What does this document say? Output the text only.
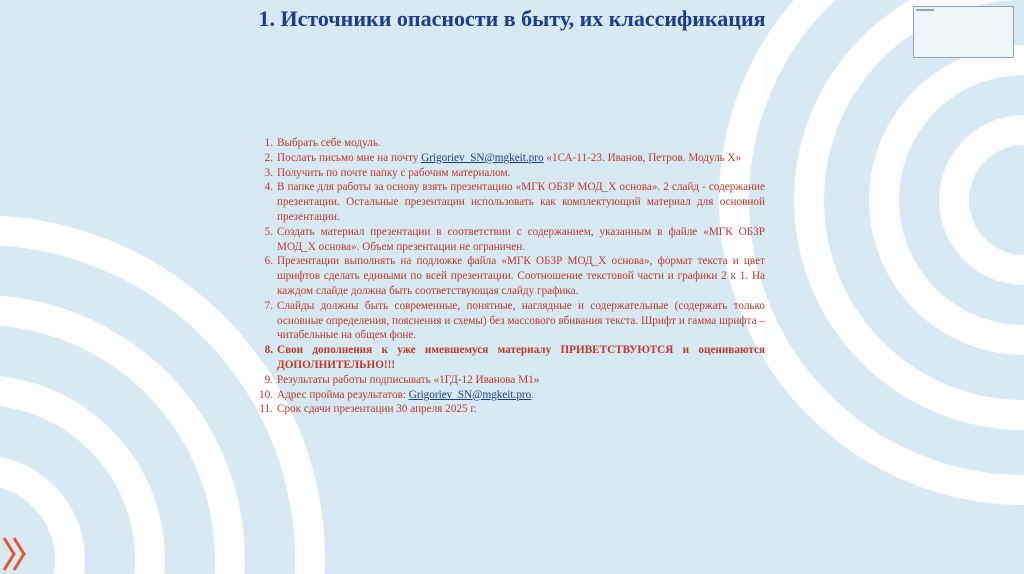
1. Источники опасности в быту, их классификация
1. Выбрать себе модуль.
2. Послать письмо мне на почту Grigoriev_SN@mgkeit.pro «1СА-11-23. Иванов, Петров. Модуль Х»
3. Получить по почте папку с рабочим материалом.
4. В папке для работы за основу взять презентацию «МГК ОБЗР МОД_Х основа». 2 слайд - содержание презентации. Остальные презентации использовать как комплектующий материал для основной презентации.
5. Создать материал презентации в соответствии с содержанием, указанным в файле «МГК ОБЗР МОД_Х основа». Объем презентации не ограничен.
6. Презентации выполнять на подложке файла «МГК ОБЗР МОД_Х основа», формат текста и цвет шрифтов сделать едиными по всей презентации. Соотношение текстовой части и графики 2 к 1. На каждом слайде должна быть соответствующая слайду графика.
7. Слайды должны быть современные, понятные, наглядные и содержательные (содержать только основные определения, пояснения и схемы) без массового вбивания текста. Шрифт и гамма шрифта – читабельные на общем фоне.
8. Свои дополнения к уже имевшемуся материалу ПРИВЕТСТВУЮТСЯ и оцениваются ДОПОЛНИТЕЛЬНО!!!
9. Результаты работы подписывать «1ГД-12 Иванова М1»
10. Адрес пройма результатов: Grigoriev_SN@mgkeit.pro.
11. Срок сдачи презентации 30 апреля 2025 г.
